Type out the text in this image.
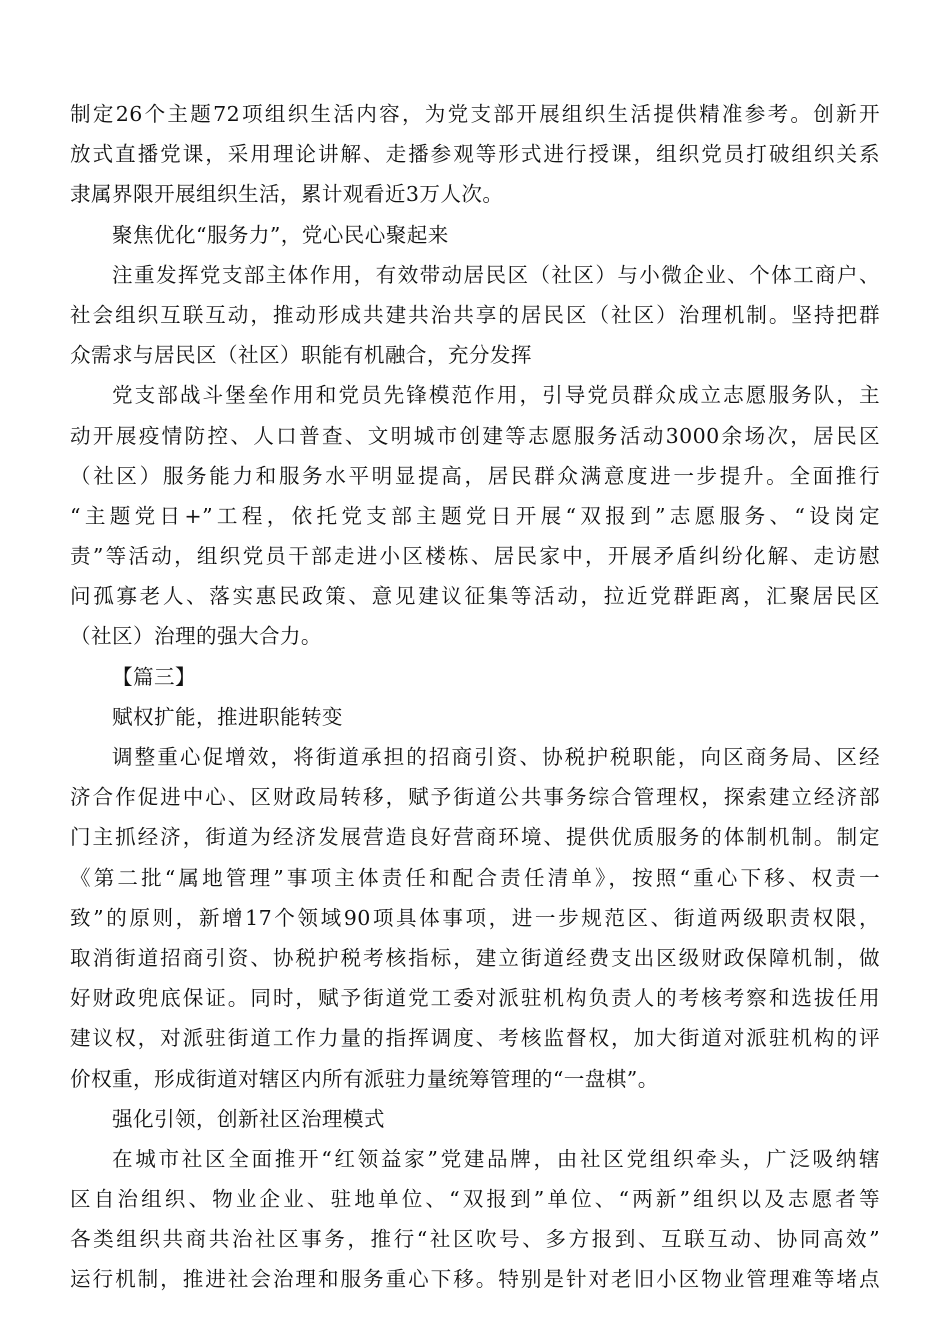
制定26个主题72项组织生活内容，为党支部开展组织生活提供精准参考。创新开
放式直播党课，采用理论讲解、走播参观等形式进行授课，组织党员打破组织关系
隶属界限开展组织生活，累计观看近3万人次。
聚焦优化“服务力”，党心民心聚起来
注重发挥党支部主体作用，有效带动居民区（社区）与小微企业、个体工商户、
社会组织互联互动，推动形成共建共治共享的居民区（社区）治理机制。坚持把群
众需求与居民区（社区）职能有机融合，充分发挥
党支部战斗堡垒作用和党员先锋模范作用，引导党员群众成立志愿服务队，主
动开展疫情防控、人口普查、文明城市创建等志愿服务活动3000余场次，居民区
（社区）服务能力和服务水平明显提高，居民群众满意度进一步提升。全面推行
“主题党日+”工程，依托党支部主题党日开展“双报到”志愿服务、“设岗定
责”等活动，组织党员干部走进小区楼栋、居民家中，开展矛盾纠纷化解、走访慰
问孤寡老人、落实惠民政策、意见建议征集等活动，拉近党群距离，汇聚居民区
（社区）治理的强大合力。
【篇三】
赋权扩能，推进职能转变
调整重心促增效，将街道承担的招商引资、协税护税职能，向区商务局、区经
济合作促进中心、区财政局转移，赋予街道公共事务综合管理权，探索建立经济部
门主抓经济，街道为经济发展营造良好营商环境、提供优质服务的体制机制。制定
《第二批“属地管理”事项主体责任和配合责任清单》，按照“重心下移、权责一
致”的原则，新增17个领域90项具体事项，进一步规范区、街道两级职责权限，
取消街道招商引资、协税护税考核指标，建立街道经费支出区级财政保障机制，做
好财政兜底保证。同时，赋予街道党工委对派驻机构负责人的考核考察和选拔任用
建议权，对派驻街道工作力量的指挥调度、考核监督权，加大街道对派驻机构的评
价权重，形成街道对辖区内所有派驻力量统筹管理的“一盘棋”。
强化引领，创新社区治理模式
在城市社区全面推开“红领益家”党建品牌，由社区党组织牵头，广泛吸纳辖
区自治组织、物业企业、驻地单位、“双报到”单位、“两新”组织以及志愿者等
各类组织共商共治社区事务，推行“社区吹号、多方报到、互联互动、协同高效”
运行机制，推进社会治理和服务重心下移。特别是针对老旧小区物业管理难等堵点
